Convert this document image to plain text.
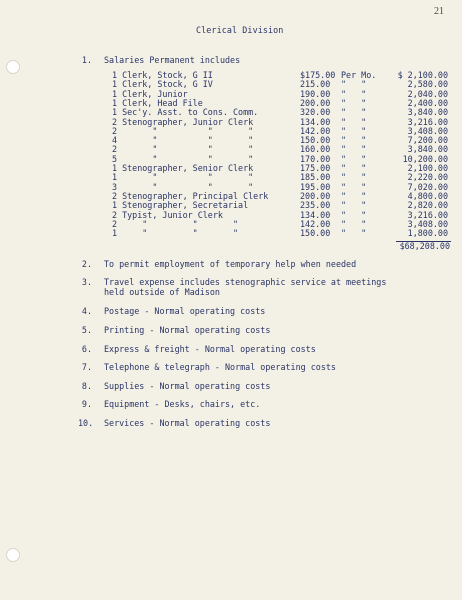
21
Clerical Division
1. Salaries Permanent includes
1 Clerk, Stock, G II	$175.00 Per Mo.	$ 2,100.00
1 Clerk, Stock, G IV	215.00 "   "	2,580.00
1 Clerk, Junior	190.00 "   "	2,040.00
1 Clerk, Head File	200.00 "   "	2,400.00
1 Sec'y. Asst. to Cons. Comm.	320.00 "   "	3,840.00
2 Stenographer, Junior Clerk	134.00 "   "	3,216.00
2       "          "       "	142.00 "   "	3,408.00
4       "          "       "	150.00 "   "	7,200.00
2       "          "       "	160.00 "   "	3,840.00
5       "          "       "	170.00 "   "	10,200.00
1 Stenographer, Senior Clerk	175.00 "   "	2,100.00
1       "          "       "	185.00 "   "	2,220.00
3       "          "       "	195.00 "   "	7,020.00
2 Stenographer, Principal Clerk	200.00 "   "	4,800.00
1 Stenographer, Secretarial	235.00 "   "	2,820.00
2 Typist, Junior Clerk	134.00 "   "	3,216.00
2     "         "       "	142.00 "   "	3,408.00
1     "         "       "	150.00 "   "	1,800.00
$68,208.00
2. To permit employment of temporary help when needed
3. Travel expense includes stenographic service at meetings
held outside of Madison
4. Postage - Normal operating costs
5. Printing - Normal operating costs
6. Express & freight - Normal operating costs
7. Telephone & telegraph - Normal operating costs
8. Supplies - Normal operating costs
9. Equipment - Desks, chairs, etc.
10. Services - Normal operating costs
